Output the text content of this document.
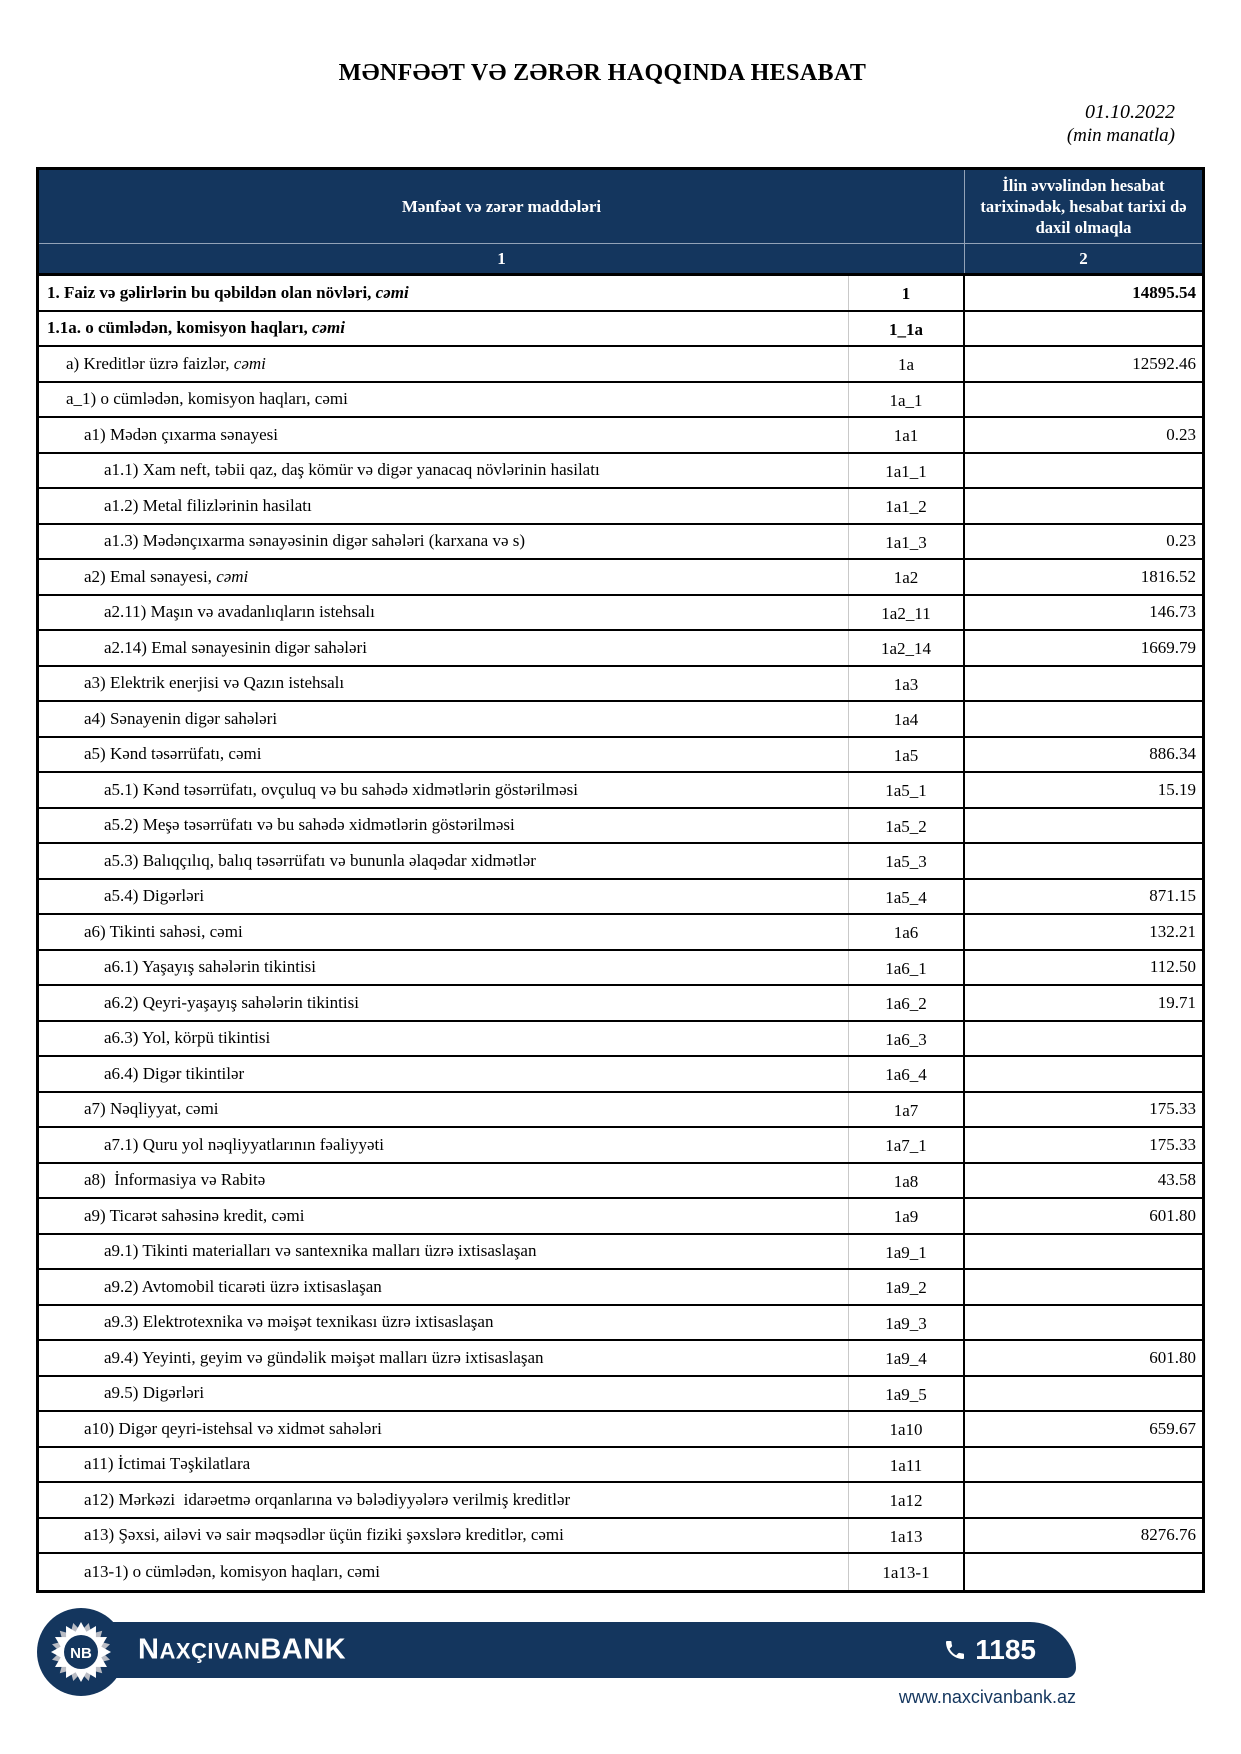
MƏNFƏƏT VƏ ZƏRƏR HAQQINDA HESABAT
01.10.2022
(min manatla)
Mənfəət və zərər maddələri
İlin əvvəlindən hesabat tarixinədək, hesabat tarixi də daxil olmaqla
1	2
1. Faiz və gəlirlərin bu qəbildən olan növləri, cəmi	1	14895.54
1.1a. o cümlədən, komisyon haqları, cəmi	1_1a
a) Kreditlər üzrə faizlər, cəmi	1a	12592.46
a_1) o cümlədən, komisyon haqları, cəmi	1a_1
a1) Mədən çıxarma sənayesi	1a1	0.23
a1.1) Xam neft, təbii qaz, daş kömür və digər yanacaq növlərinin hasilatı	1a1_1
a1.2) Metal filizlərinin hasilatı	1a1_2
a1.3) Mədənçıxarma sənayəsinin digər sahələri (karxana və s)	1a1_3	0.23
a2) Emal sənayesi, cəmi	1a2	1816.52
a2.11) Maşın və avadanlıqların istehsalı	1a2_11	146.73
a2.14) Emal sənayesinin digər sahələri	1a2_14	1669.79
a3) Elektrik enerjisi və Qazın istehsalı	1a3
a4) Sənayenin digər sahələri	1a4
a5) Kənd təsərrüfatı, cəmi	1a5	886.34
a5.1) Kənd təsərrüfatı, ovçuluq və bu sahədə xidmətlərin göstərilməsi	1a5_1	15.19
a5.2) Meşə təsərrüfatı və bu sahədə xidmətlərin göstərilməsi	1a5_2
a5.3) Balıqçılıq, balıq təsərrüfatı və bununla əlaqədar xidmətlər	1a5_3
a5.4) Digərləri	1a5_4	871.15
a6) Tikinti sahəsi, cəmi	1a6	132.21
a6.1) Yaşayış sahələrin tikintisi	1a6_1	112.50
a6.2) Qeyri-yaşayış sahələrin tikintisi	1a6_2	19.71
a6.3) Yol, körpü tikintisi	1a6_3
a6.4) Digər tikintilər	1a6_4
a7) Nəqliyyat, cəmi	1a7	175.33
a7.1) Quru yol nəqliyyatlarının fəaliyyəti	1a7_1	175.33
a8)  İnformasiya və Rabitə	1a8	43.58
a9) Ticarət sahəsinə kredit, cəmi	1a9	601.80
a9.1) Tikinti materialları və santexnika malları üzrə ixtisaslaşan	1a9_1
a9.2) Avtomobil ticarəti üzrə ixtisaslaşan	1a9_2
a9.3) Elektrotexnika və məişət texnikası üzrə ixtisaslaşan	1a9_3
a9.4) Yeyinti, geyim və gündəlik məişət malları üzrə ixtisaslaşan	1a9_4	601.80
a9.5) Digərləri	1a9_5
a10) Digər qeyri-istehsal və xidmət sahələri	1a10	659.67
a11) İctimai Təşkilatlara	1a11
a12) Mərkəzi  idarəetmə orqanlarına və bələdiyyələrə verilmiş kreditlər	1a12
a13) Şəxsi, ailəvi və sair məqsədlər üçün fiziki şəxslərə kreditlər, cəmi	1a13	8276.76
a13-1) o cümlədən, komisyon haqları, cəmi	1a13-1
NAXÇIVANBANK	1185
NB
www.naxcivanbank.az
